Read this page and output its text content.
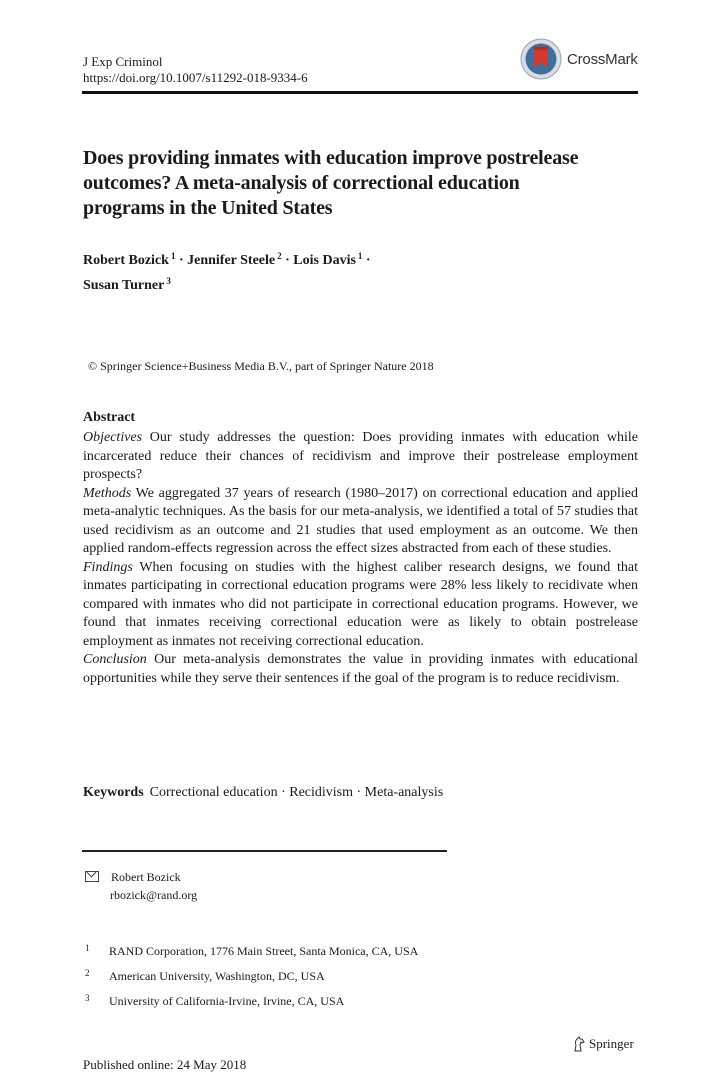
J Exp Criminol
https://doi.org/10.1007/s11292-018-9334-6
CrossMark
Does providing inmates with education improve postrelease outcomes? A meta-analysis of correctional education programs in the United States
Robert Bozick $^1$ · Jennifer Steele $^2$ · Lois Davis $^1$ ·
Susan Turner $^3$
© Springer Science+Business Media B.V., part of Springer Nature 2018
Abstract

Objectives Our study addresses the question: Does providing inmates with education while incarcerated reduce their chances of recidivism and improve their postrelease employment prospects?

Methods We aggregated 37 years of research (1980–2017) on correctional education and applied meta-analytic techniques. As the basis for our meta-analysis, we identified a total of 57 studies that used recidivism as an outcome and 21 studies that used employment as an outcome. We then applied random-effects regression across the effect sizes abstracted from each of these studies.

Findings When focusing on studies with the highest caliber research designs, we found that inmates participating in correctional education programs were 28% less likely to recidivate when compared with inmates who did not participate in correctional education programs. However, we found that inmates receiving correctional education were as likely to obtain postrelease employment as inmates not receiving correctional education.

Conclusion Our meta-analysis demonstrates the value in providing inmates with educational opportunities while they serve their sentences if the goal of the program is to reduce recidivism.

Keywords Correctional education · Recidivism · Meta-analysis
Robert Bozick
rbozick@rand.org
1 RAND Corporation, 1776 Main Street, Santa Monica, CA, USA
2 American University, Washington, DC, USA
3 University of California-Irvine, Irvine, CA, USA
Springer
Published online: 24 May 2018
